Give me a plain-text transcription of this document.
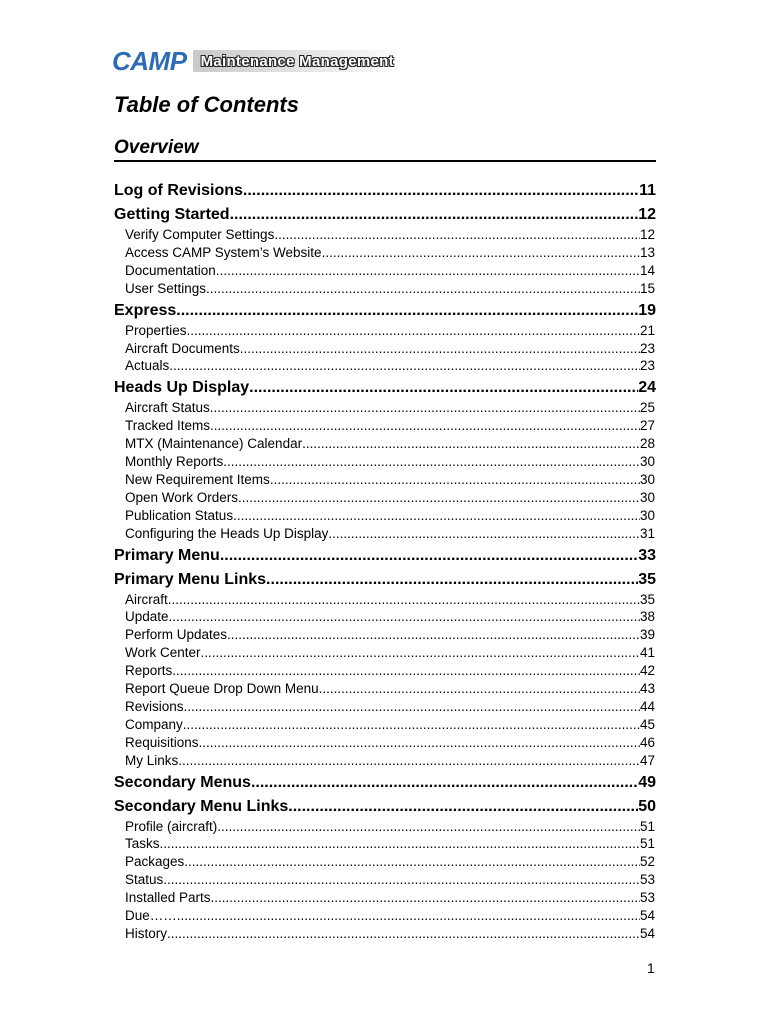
CAMP Maintenance Management
Table of Contents
Overview
Log of Revisions .....	11
Getting Started .....	12
Verify Computer Settings .....	12
Access CAMP System’s Website .....	13
Documentation .....	14
User Settings .....	15
Express .....	19
Properties .....	21
Aircraft Documents .....	23
Actuals .....	23
Heads Up Display .....	24
Aircraft Status .....	25
Tracked Items .....	27
MTX (Maintenance) Calendar .....	28
Monthly Reports .....	30
New Requirement Items .....	30
Open Work Orders .....	30
Publication Status .....	30
Configuring the Heads Up Display .....	31
Primary Menu .....	33
Primary Menu Links .....	35
Aircraft .....	35
Update .....	38
Perform Updates .....	39
Work Center .....	41
Reports .....	42
Report Queue Drop Down Menu .....	43
Revisions .....	44
Company .....	45
Requisitions .....	46
My Links .....	47
Secondary Menus .....	49
Secondary Menu Links .....	50
Profile (aircraft) .....	51
Tasks .....	51
Packages .....	52
Status .....	53
Installed Parts .....	53
Due……. .....	54
History .....	54
1
